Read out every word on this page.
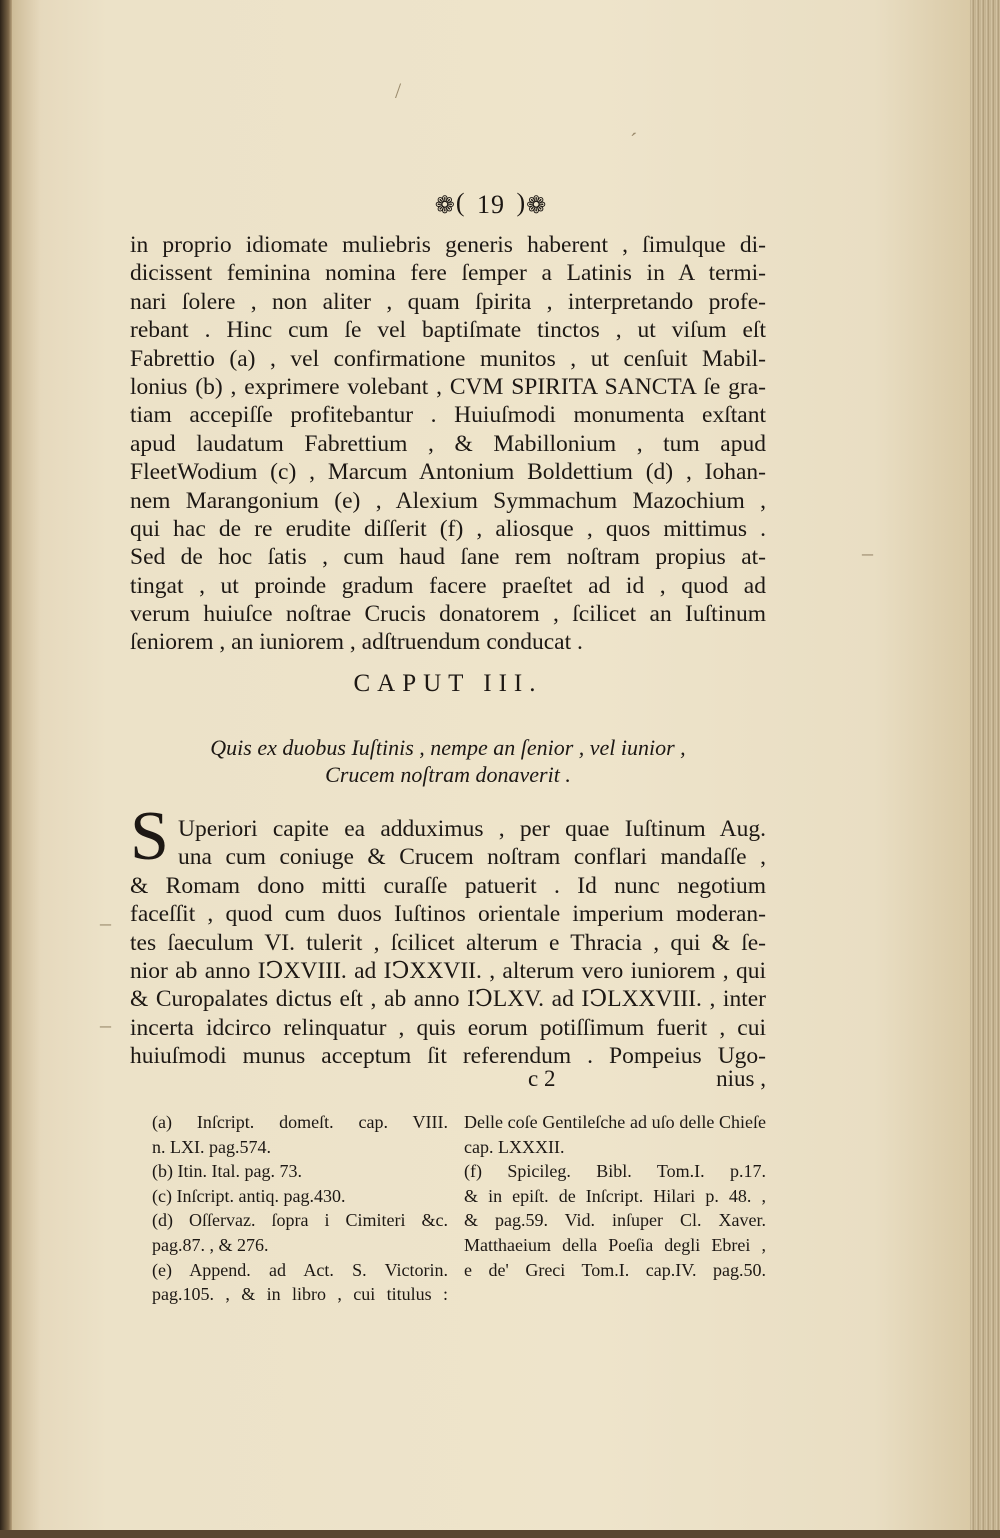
❁( 19 )❁
in proprio idiomate muliebris generis haberent , ſimulque di-
dicissent feminina nomina fere ſemper a Latinis in A termi-
nari ſolere , non aliter , quam ſpirita , interpretando profe-
rebant . Hinc cum ſe vel baptiſmate tinctos , ut viſum eſt
Fabrettio (a) , vel confirmatione munitos , ut cenſuit Mabil-
lonius (b) , exprimere volebant , CVM SPIRITA SANCTA ſe gra-
tiam accepiſſe profitebantur . Huiuſmodi monumenta exſtant
apud laudatum Fabrettium , & Mabillonium , tum apud
FleetWodium (c) , Marcum Antonium Boldettium (d) , Iohan-
nem Marangonium (e) , Alexium Symmachum Mazochium ,
qui hac de re erudite diſſerit (f) , aliosque , quos mittimus .
Sed de hoc ſatis , cum haud ſane rem noſtram propius at-
tingat , ut proinde gradum facere praeſtet ad id , quod ad
verum huiuſce noſtrae Crucis donatorem , ſcilicet an Iuſtinum
ſeniorem , an iuniorem , adſtruendum conducat .
CAPUT III.
Quis ex duobus Iuſtinis , nempe an ſenior , vel iunior ,
Crucem noſtram donaverit .
S Uperiori capite ea adduximus , per quae Iuſtinum Aug.
una cum coniuge & Crucem noſtram conflari mandaſſe ,
& Romam dono mitti curaſſe patuerit . Id nunc negotium
faceſſit , quod cum duos Iuſtinos orientale imperium moderan-
tes ſaeculum VI. tulerit , ſcilicet alterum e Thracia , qui & ſe-
nior ab anno IↃXVIII. ad IↃXXVII. , alterum vero iuniorem , qui
& Curopalates dictus eſt , ab anno IↃLXV. ad IↃLXXVIII. , inter
incerta idcirco relinquatur , quis eorum potiſſimum fuerit , cui
huiuſmodi munus acceptum ſit referendum . Pompeius Ugo-
c 2	nius ,
(a) Inſcript. domeſt. cap. VIII.
n. LXI. pag.574.
(b) Itin. Ital. pag. 73.
(c) Inſcript. antiq. pag.430.
(d) Oſſervaz. ſopra i Cimiteri &c.
pag.87. , & 276.
(e) Append. ad Act. S. Victorin.
pag.105. , & in libro , cui titulus :
Delle coſe Gentileſche ad uſo delle Chieſe
cap. LXXXII.
(f) Spicileg. Bibl. Tom.I. p.17.
& in epiſt. de Inſcript. Hilari p. 48. ,
& pag.59. Vid. inſuper Cl. Xaver.
Matthaeium della Poeſia degli Ebrei ,
e de' Greci Tom.I. cap.IV. pag.50.
/
´
‒
‒
‒
